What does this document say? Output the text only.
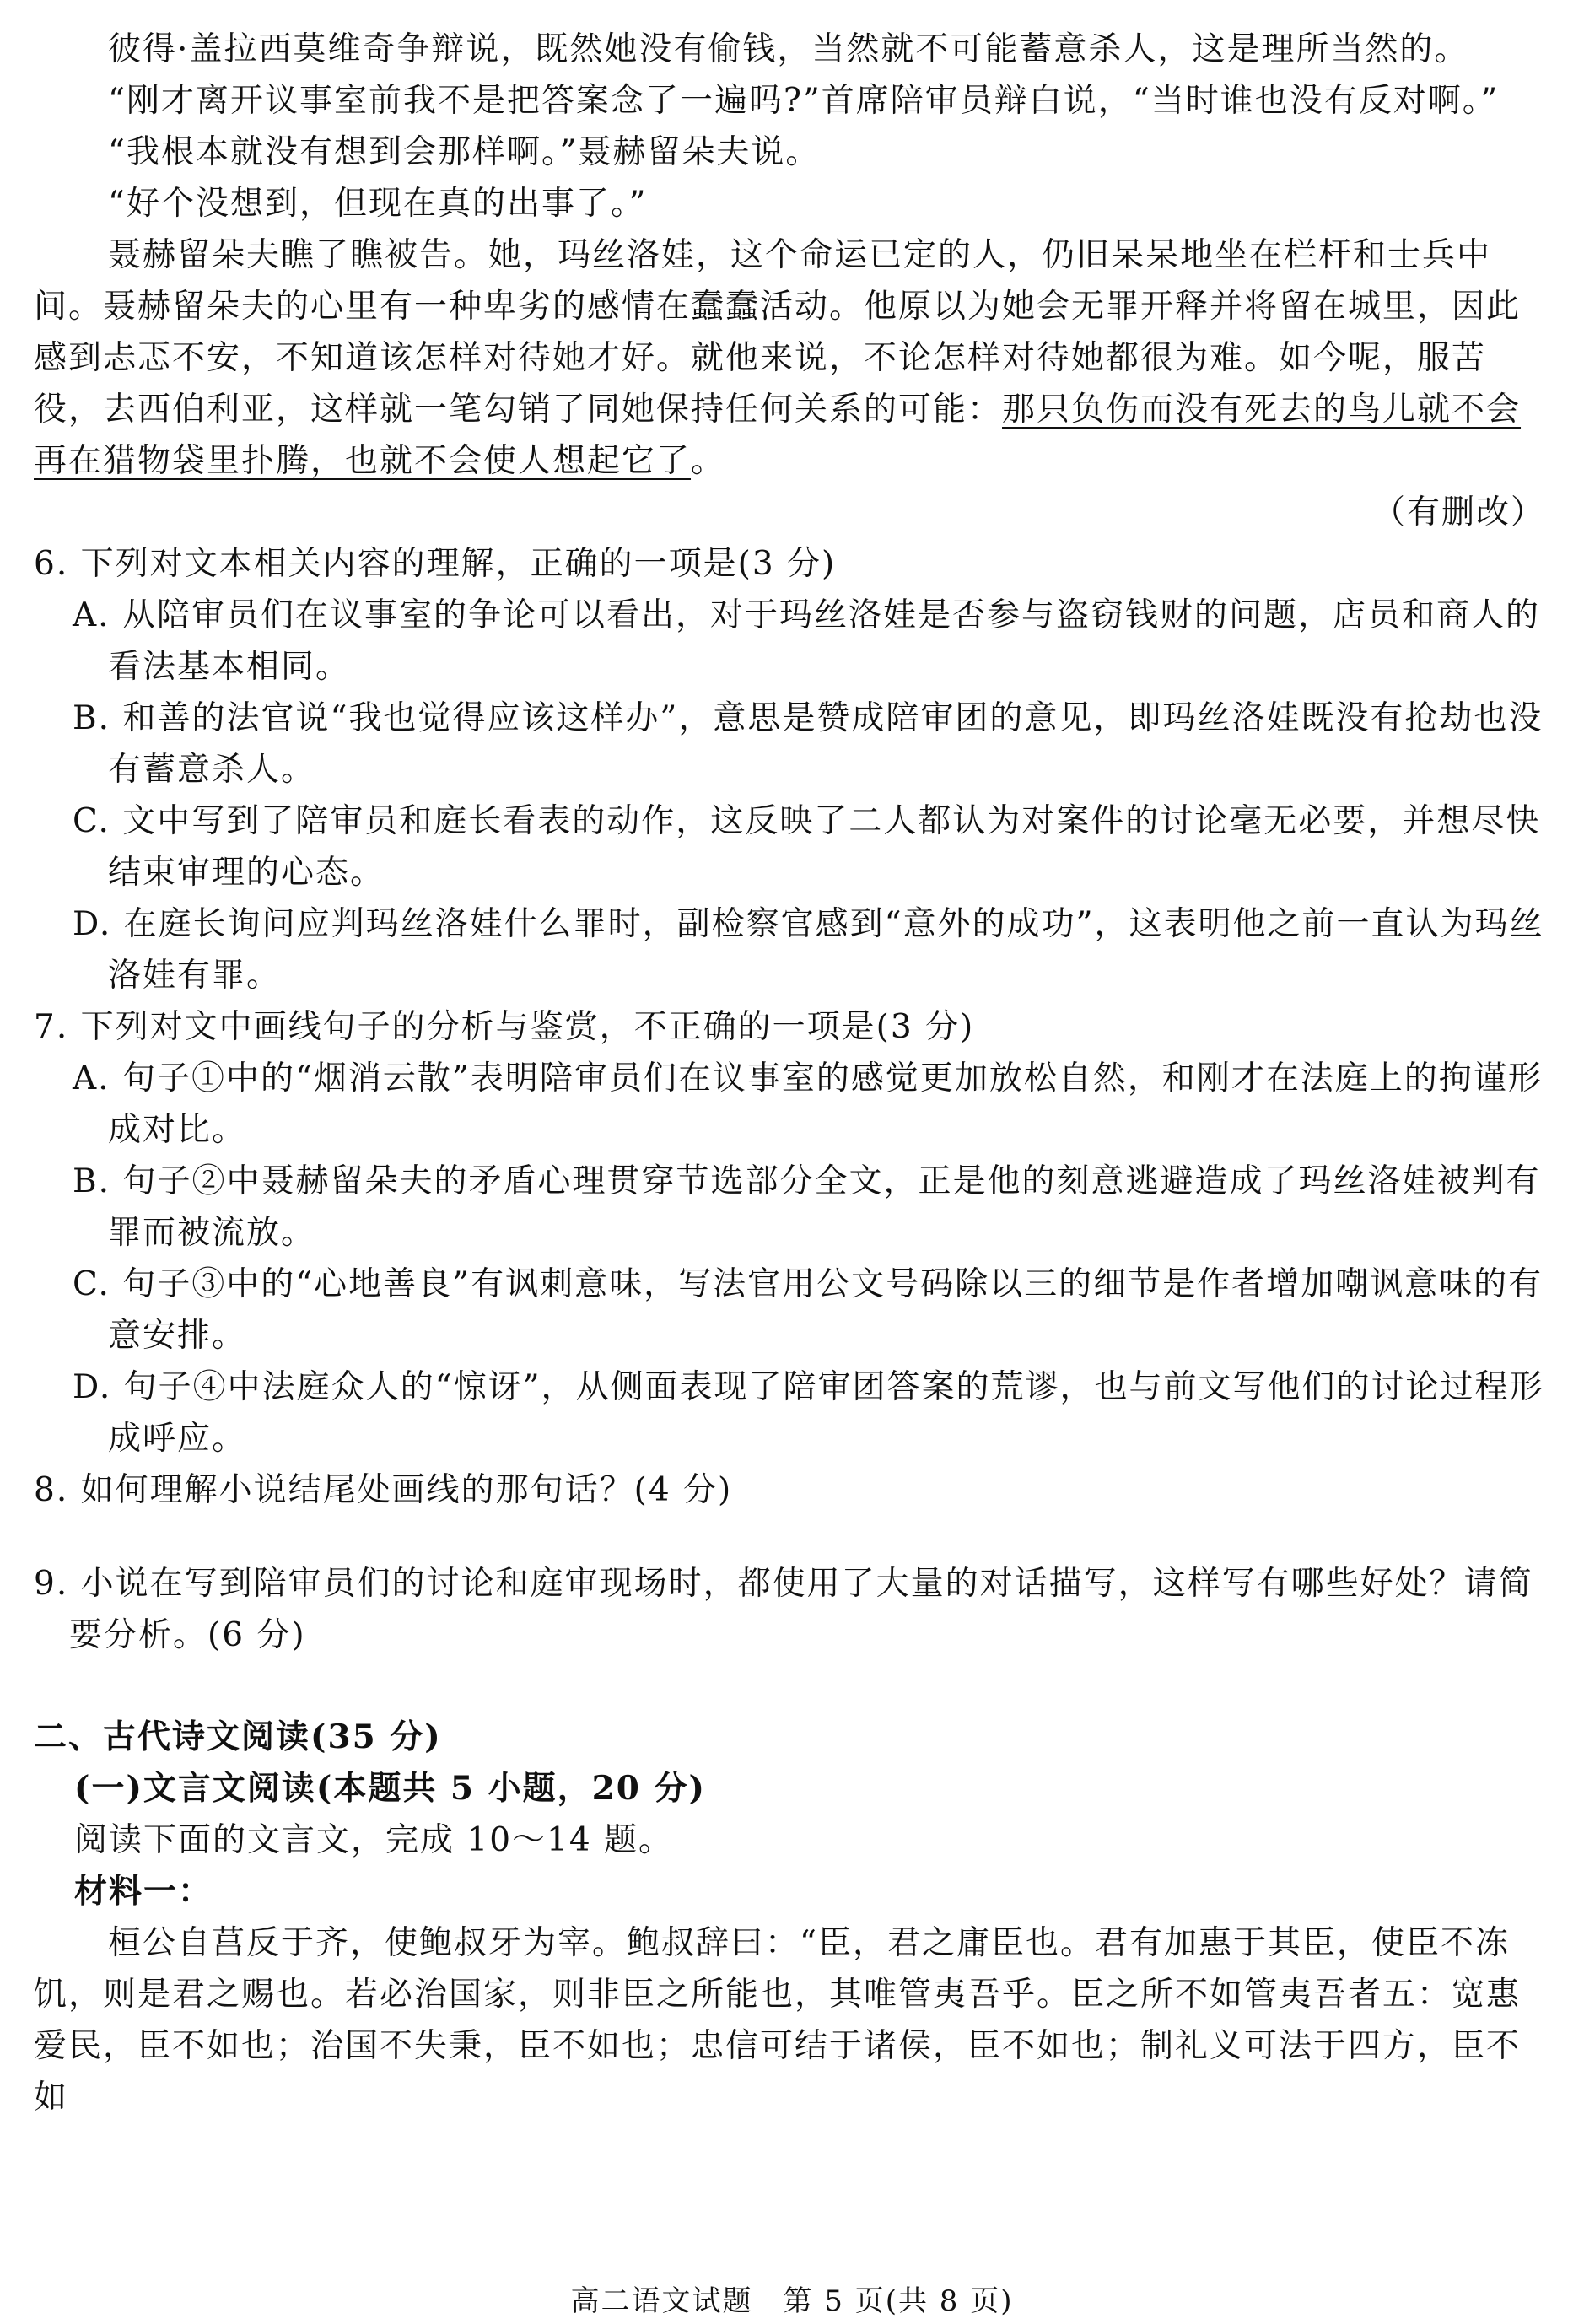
彼得·盖拉西莫维奇争辩说，既然她没有偷钱，当然就不可能蓄意杀人，这是理所当然的。

“刚才离开议事室前我不是把答案念了一遍吗?”首席陪审员辩白说，“当时谁也没有反对啊。”

“我根本就没有想到会那样啊。”聂赫留朵夫说。

“好个没想到，但现在真的出事了。”

聂赫留朵夫瞧了瞧被告。她，玛丝洛娃，这个命运已定的人，仍旧呆呆地坐在栏杆和士兵中间。聂赫留朵夫的心里有一种卑劣的感情在蠢蠢活动。他原以为她会无罪开释并将留在城里，因此感到忐忑不安，不知道该怎样对待她才好。就他来说，不论怎样对待她都很为难。如今呢，服苦役，去西伯利亚，这样就一笔勾销了同她保持任何关系的可能：那只负伤而没有死去的鸟儿就不会再在猎物袋里扑腾，也就不会使人想起它了。

（有删改）

6. 下列对文本相关内容的理解，正确的一项是(3 分)

A. 从陪审员们在议事室的争论可以看出，对于玛丝洛娃是否参与盗窃钱财的问题，店员和商人的看法基本相同。

B. 和善的法官说“我也觉得应该这样办”，意思是赞成陪审团的意见，即玛丝洛娃既没有抢劫也没有蓄意杀人。

C. 文中写到了陪审员和庭长看表的动作，这反映了二人都认为对案件的讨论毫无必要，并想尽快结束审理的心态。

D. 在庭长询问应判玛丝洛娃什么罪时，副检察官感到“意外的成功”，这表明他之前一直认为玛丝洛娃有罪。

7. 下列对文中画线句子的分析与鉴赏，不正确的一项是(3 分)

A. 句子①中的“烟消云散”表明陪审员们在议事室的感觉更加放松自然，和刚才在法庭上的拘谨形成对比。

B. 句子②中聂赫留朵夫的矛盾心理贯穿节选部分全文，正是他的刻意逃避造成了玛丝洛娃被判有罪而被流放。

C. 句子③中的“心地善良”有讽刺意味，写法官用公文号码除以三的细节是作者增加嘲讽意味的有意安排。

D. 句子④中法庭众人的“惊讶”，从侧面表现了陪审团答案的荒谬，也与前文写他们的讨论过程形成呼应。

8. 如何理解小说结尾处画线的那句话？(4 分)

9. 小说在写到陪审员们的讨论和庭审现场时，都使用了大量的对话描写，这样写有哪些好处？请简要分析。(6 分)

二、古代诗文阅读(35 分)

(一)文言文阅读(本题共 5 小题，20 分)

阅读下面的文言文，完成 10～14 题。

材料一：

桓公自莒反于齐，使鲍叔牙为宰。鲍叔辞曰：“臣，君之庸臣也。君有加惠于其臣，使臣不冻饥，则是君之赐也。若必治国家，则非臣之所能也，其唯管夷吾乎。臣之所不如管夷吾者五：宽惠爱民，臣不如也；治国不失秉，臣不如也；忠信可结于诸侯，臣不如也；制礼义可法于四方，臣不如

高二语文试题　第 5 页(共 8 页)
